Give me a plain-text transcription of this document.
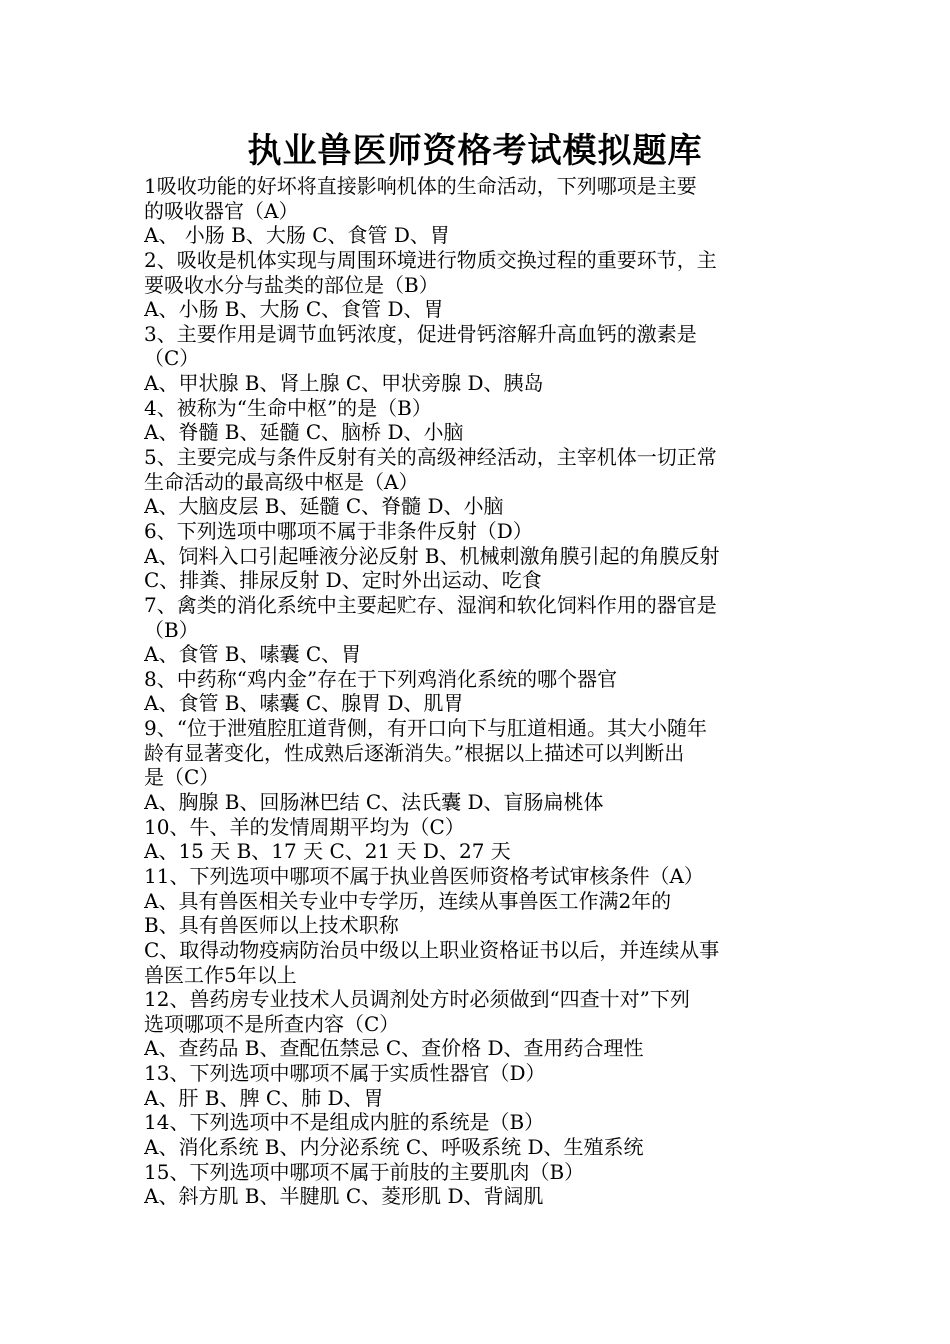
执业兽医师资格考试模拟题库
1吸收功能的好坏将直接影响机体的生命活动，下列哪项是主要
的吸收器官（A）
A、 小肠 B、大肠 C、食管 D、胃
2、吸收是机体实现与周围环境进行物质交换过程的重要环节，主
要吸收水分与盐类的部位是（B）
A、小肠 B、大肠 C、食管 D、胃
3、主要作用是调节血钙浓度，促进骨钙溶解升高血钙的激素是
（C）
A、甲状腺 B、肾上腺 C、甲状旁腺 D、胰岛
4、被称为“生命中枢”的是（B）
A、脊髓 B、延髓 C、脑桥 D、小脑
5、主要完成与条件反射有关的高级神经活动，主宰机体一切正常
生命活动的最高级中枢是（A）
A、大脑皮层 B、延髓 C、脊髓 D、小脑
6、下列选项中哪项不属于非条件反射（D）
A、饲料入口引起唾液分泌反射 B、机械刺激角膜引起的角膜反射
C、排粪、排尿反射 D、定时外出运动、吃食
7、禽类的消化系统中主要起贮存、湿润和软化饲料作用的器官是
（B）
A、食管 B、嗉囊 C、胃
8、中药称“鸡内金”存在于下列鸡消化系统的哪个器官
A、食管 B、嗉囊 C、腺胃 D、肌胃
9、“位于泄殖腔肛道背侧，有开口向下与肛道相通。其大小随年
龄有显著变化，性成熟后逐渐消失。”根据以上描述可以判断出
是（C）
A、胸腺 B、回肠淋巴结 C、法氏囊 D、盲肠扁桃体
10、牛、羊的发情周期平均为（C）
A、15 天 B、17 天 C、21 天 D、27 天
11、下列选项中哪项不属于执业兽医师资格考试审核条件（A）
A、具有兽医相关专业中专学历，连续从事兽医工作满2年的
B、具有兽医师以上技术职称
C、取得动物疫病防治员中级以上职业资格证书以后，并连续从事
兽医工作5年以上
12、兽药房专业技术人员调剂处方时必须做到“四查十对”下列
选项哪项不是所查内容（C）
A、查药品 B、查配伍禁忌 C、查价格 D、查用药合理性
13、下列选项中哪项不属于实质性器官（D）
A、肝 B、脾 C、肺 D、胃
14、下列选项中不是组成内脏的系统是（B）
A、消化系统 B、内分泌系统 C、呼吸系统 D、生殖系统
15、下列选项中哪项不属于前肢的主要肌肉（B）
A、斜方肌 B、半腱肌 C、菱形肌 D、背阔肌
